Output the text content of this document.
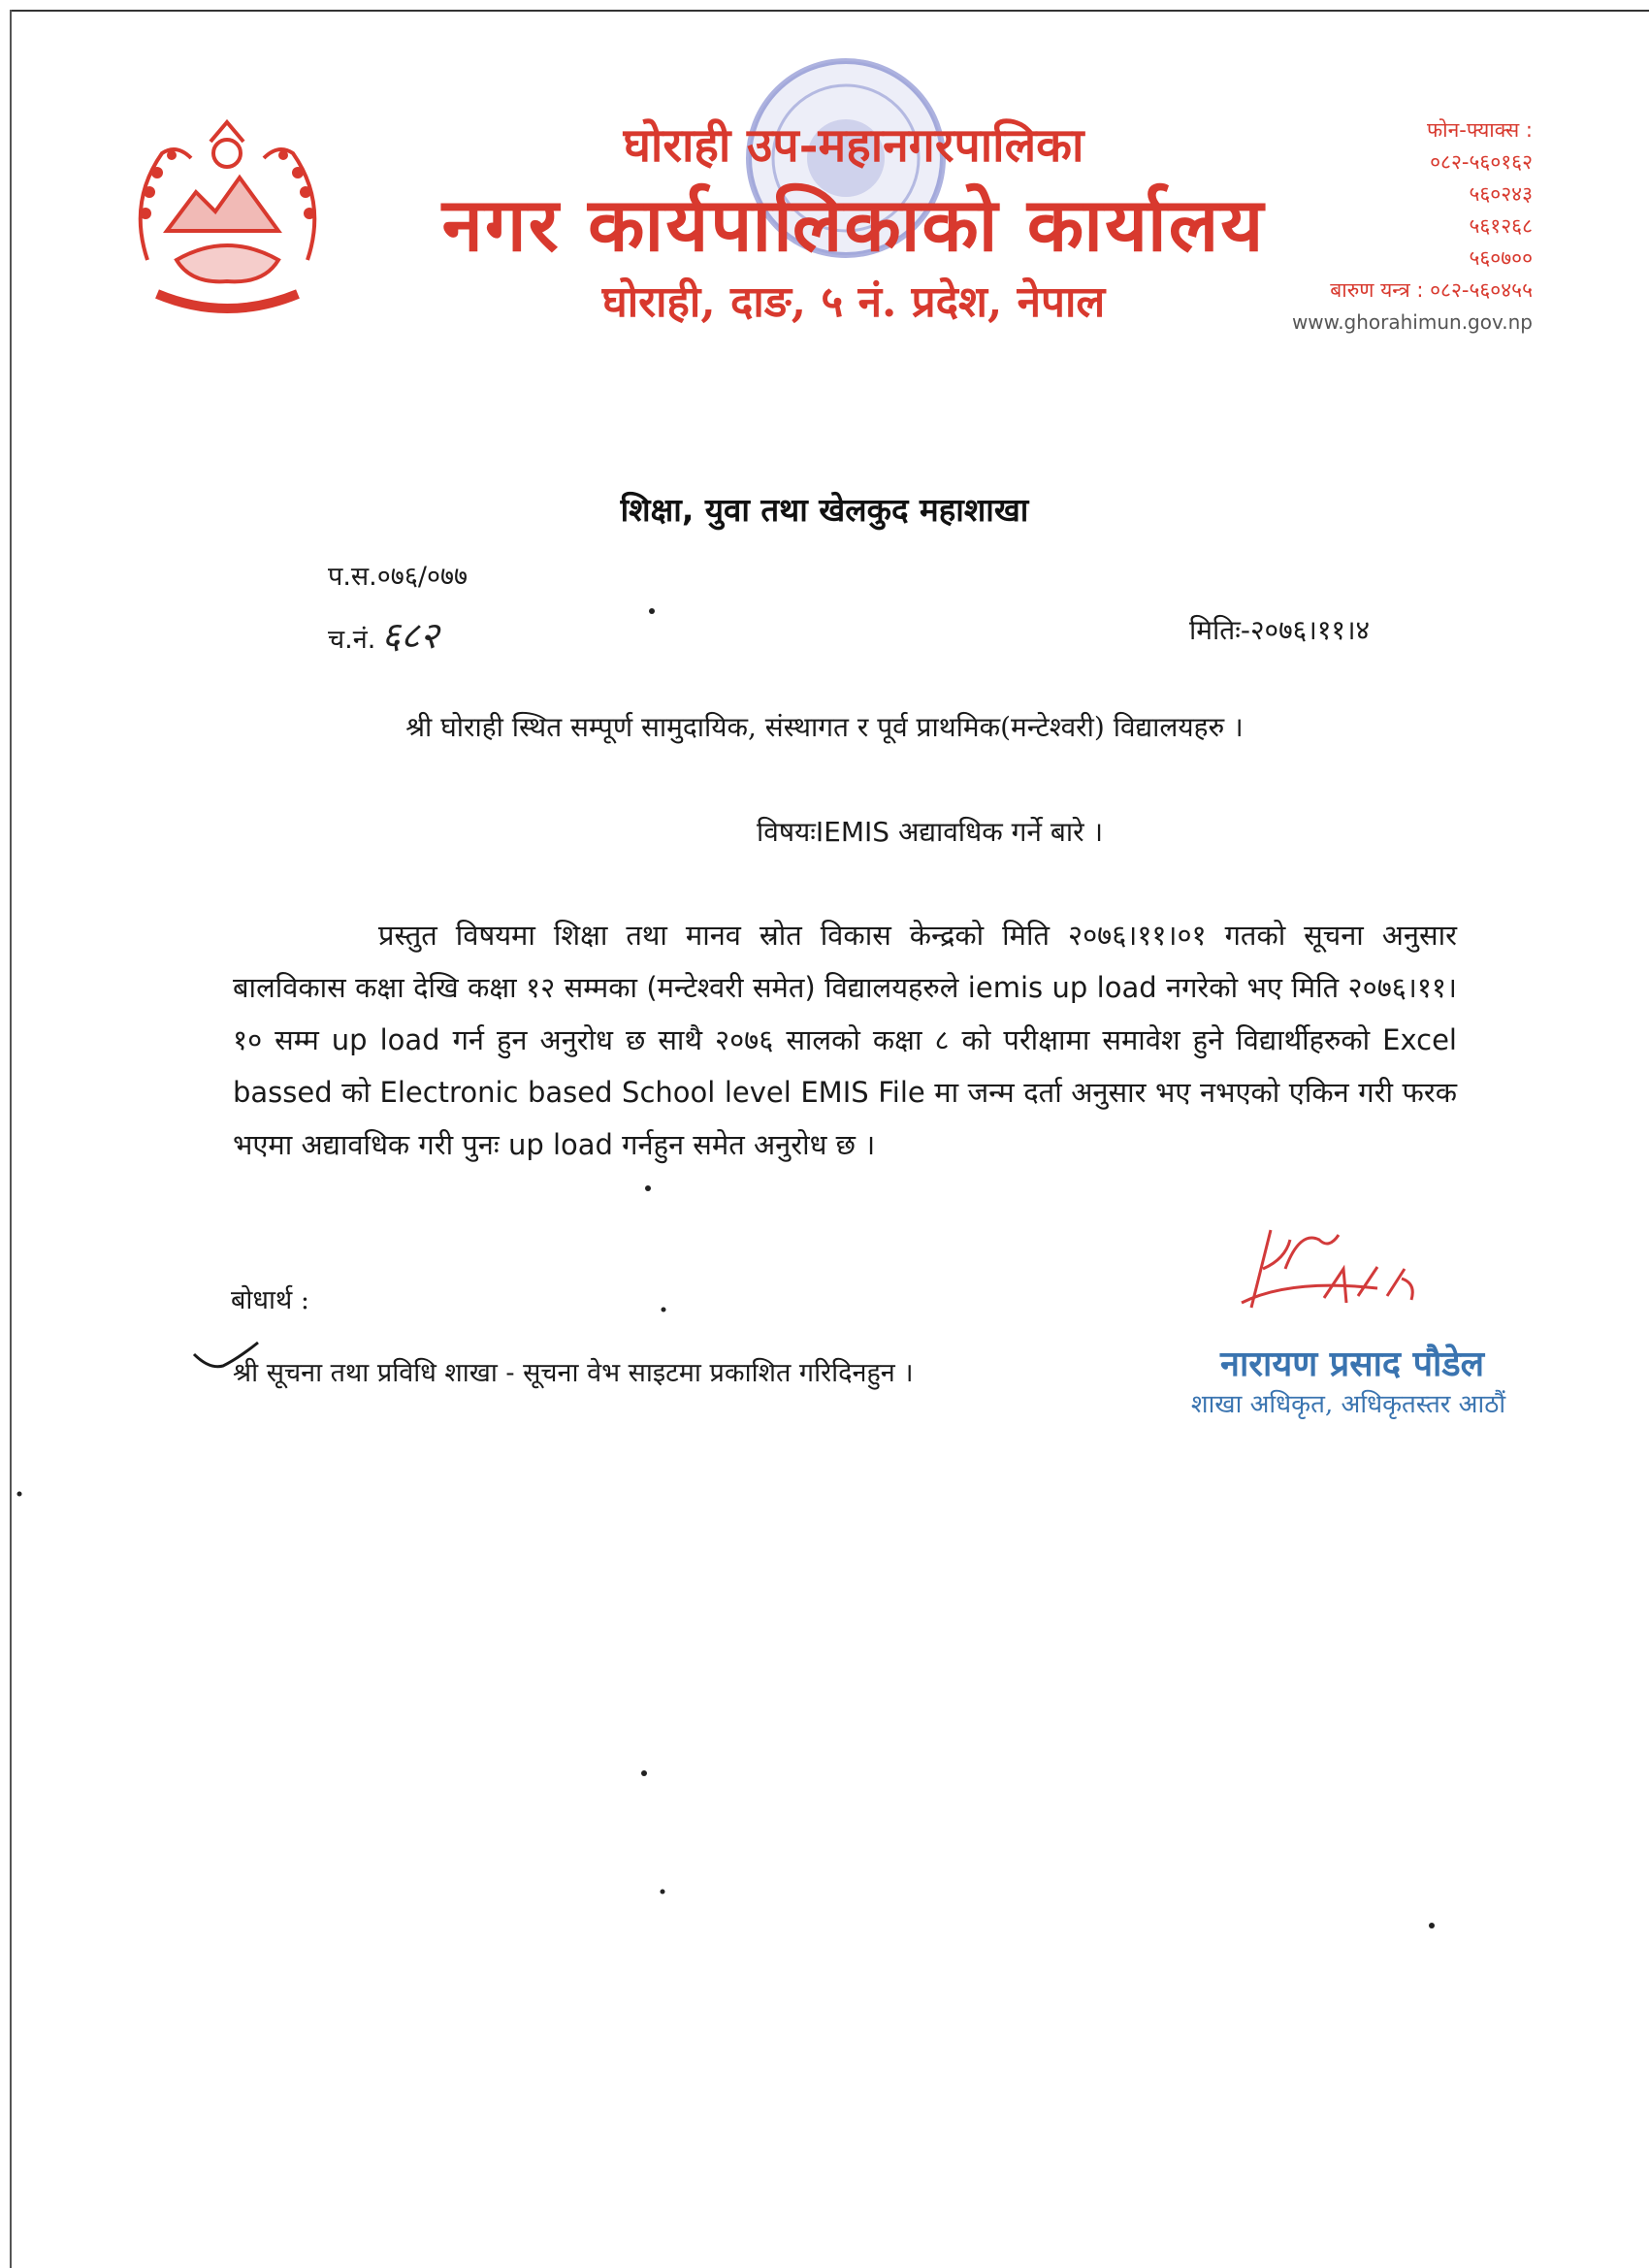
घोराही उप-महानगरपालिका
नगर कार्यपालिकाको कार्यालय
घोराही, दाङ, ५ नं. प्रदेश, नेपाल
फोन-फ्याक्स :
०८२-५६०१६२
५६०२४३
५६१२६८
५६०७००
बारुण यन्त्र : ०८२-५६०४५५
www.ghorahimun.gov.np
शिक्षा, युवा तथा खेलकुद महाशाखा
प.स.०७६/०७७
च.नं. ६८२	मितिः-२०७६।११।४
श्री घोराही स्थित सम्पूर्ण सामुदायिक, संस्थागत र पूर्व प्राथमिक(मन्टेश्वरी) विद्यालयहरु ।
विषयःIEMIS अद्यावधिक गर्ने बारे ।

प्रस्तुत विषयमा शिक्षा तथा मानव स्रोत विकास केन्द्रको मिति २०७६।११।०१ गतको सूचना अनुसार बालविकास कक्षा देखि कक्षा १२ सम्मका (मन्टेश्वरी समेत) विद्यालयहरुले iemis up load नगरेको भए मिति २०७६।११।१० सम्म up load गर्न हुन अनुरोध छ साथै २०७६ सालको कक्षा ८ को परीक्षामा समावेश हुने विद्यार्थीहरुको Excel bassed को Electronic based School level EMIS File मा जन्म दर्ता अनुसार भए नभएको एकिन गरी फरक भएमा अद्यावधिक गरी पुनः up load गर्नहुन समेत अनुरोध छ ।

बोधार्थ :
श्री सूचना तथा प्रविधि शाखा - सूचना वेभ साइटमा प्रकाशित गरिदिनहुन ।	नारायण प्रसाद पौडेल
शाखा अधिकृत, अधिकृतस्तर आठौं
